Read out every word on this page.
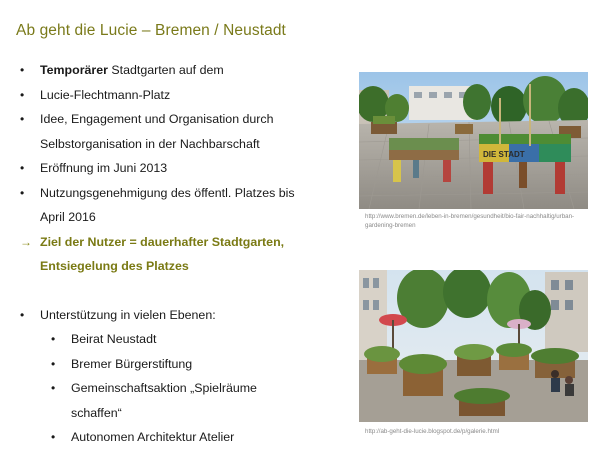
Ab geht die Lucie – Bremen / Neustadt
• Temporärer Stadtgarten auf dem
• Lucie-Flechtmann-Platz
• Idee, Engagement und Organisation durch
Selbstorganisation in der Nachbarschaft
• Eröffnung im Juni 2013
• Nutzungsgenehmigung des öffentl. Platzes bis
April 2016
→ Ziel der Nutzer = dauerhafter Stadtgarten,
Entsiegelung des Platzes
• Unterstützung in vielen Ebenen:
• Beirat Neustadt
• Bremer Bürgerstiftung
• Gemeinschaftsaktion „Spielräume
schaffen“
• Autonomen Architektur Atelier
DIE STADT
http://www.bremen.de/leben-in-bremen/gesundheit/bio-fair-nachhaltig/urban-gardening-bremen
http://ab-geht-die-lucie.blogspot.de/p/galerie.html
